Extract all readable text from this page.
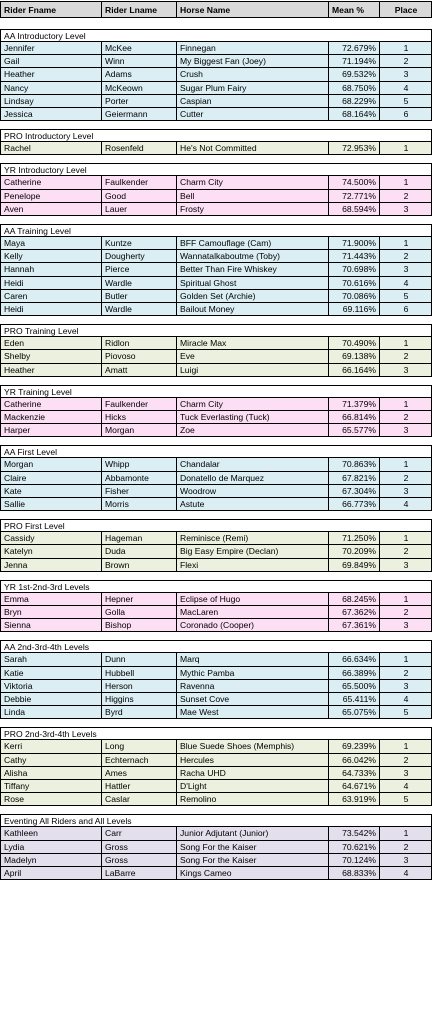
Rider Fname	Rider Lname	Horse Name	Mean %	Place
AA Introductory Level
Jennifer	McKee	Finnegan	72.679%	1
Gail	Winn	My Biggest Fan (Joey)	71.194%	2
Heather	Adams	Crush	69.532%	3
Nancy	McKeown	Sugar Plum Fairy	68.750%	4
Lindsay	Porter	Caspian	68.229%	5
Jessica	Geiermann	Cutter	68.164%	6
PRO Introductory Level
Rachel	Rosenfeld	He's Not Committed	72.953%	1
YR Introductory Level
Catherine	Faulkender	Charm City	74.500%	1
Penelope	Good	Bell	72.771%	2
Aven	Lauer	Frosty	68.594%	3
AA Training Level
Maya	Kuntze	BFF Camouflage (Cam)	71.900%	1
Kelly	Dougherty	Wannatalkaboutme (Toby)	71.443%	2
Hannah	Pierce	Better Than Fire Whiskey	70.698%	3
Heidi	Wardle	Spiritual Ghost	70.616%	4
Caren	Butler	Golden Set (Archie)	70.086%	5
Heidi	Wardle	Bailout Money	69.116%	6
PRO Training Level
Eden	Ridlon	Miracle Max	70.490%	1
Shelby	Piovoso	Eve	69.138%	2
Heather	Amatt	Luigi	66.164%	3
YR Training Level
Catherine	Faulkender	Charm City	71.379%	1
Mackenzie	Hicks	Tuck Everlasting (Tuck)	66.814%	2
Harper	Morgan	Zoe	65.577%	3
AA First Level
Morgan	Whipp	Chandalar	70.863%	1
Claire	Abbamonte	Donatello de Marquez	67.821%	2
Kate	Fisher	Woodrow	67.304%	3
Sallie	Morris	Astute	66.773%	4
PRO First Level
Cassidy	Hageman	Reminisce (Remi)	71.250%	1
Katelyn	Duda	Big Easy Empire (Declan)	70.209%	2
Jenna	Brown	Flexi	69.849%	3
YR 1st-2nd-3rd Levels
Emma	Hepner	Eclipse of Hugo	68.245%	1
Bryn	Golla	MacLaren	67.362%	2
Sienna	Bishop	Coronado (Cooper)	67.361%	3
AA 2nd-3rd-4th Levels
Sarah	Dunn	Marq	66.634%	1
Katie	Hubbell	Mythic Pamba	66.389%	2
Viktoria	Herson	Ravenna	65.500%	3
Debbie	Higgins	Sunset Cove	65.411%	4
Linda	Byrd	Mae West	65.075%	5
PRO 2nd-3rd-4th Levels
Kerri	Long	Blue Suede Shoes (Memphis)	69.239%	1
Cathy	Echternach	Hercules	66.042%	2
Alisha	Ames	Racha UHD	64.733%	3
Tiffany	Hattler	D'Light	64.671%	4
Rose	Caslar	Remolino	63.919%	5
Eventing All Riders and All Levels
Kathleen	Carr	Junior Adjutant (Junior)	73.542%	1
Lydia	Gross	Song For the Kaiser	70.621%	2
Madelyn	Gross	Song For the Kaiser	70.124%	3
April	LaBarre	Kings Cameo	68.833%	4
